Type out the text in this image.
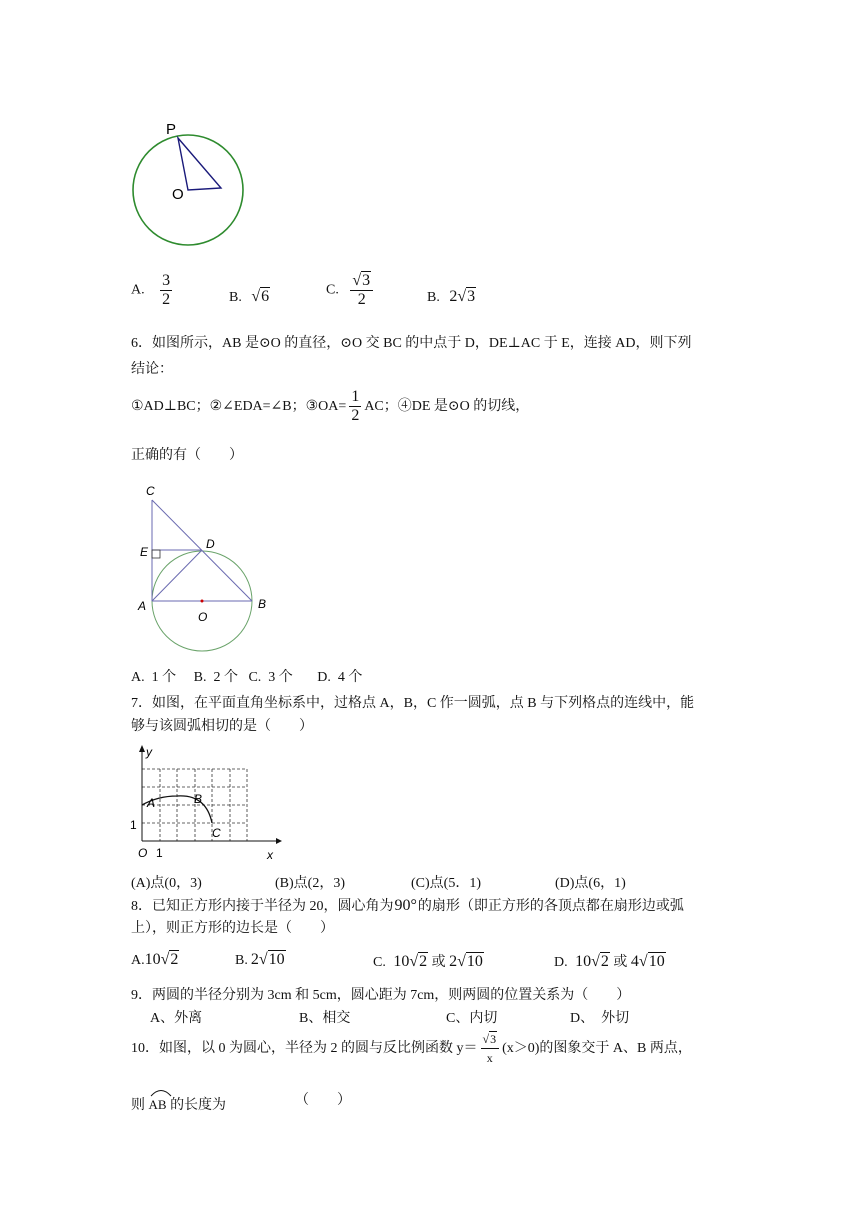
P
O
A. $\frac{3}{2}$	B. √6	C. $\frac{√3}{2}$	B. 2√3
6．如图所示，AB 是⊙O 的直径，⊙O 交 BC 的中点于 D，DE⊥AC 于 E，连接 AD，则下列
结论：
①AD⊥BC；②∠EDA=∠B；③OA= $\frac{1}{2}$ AC；④DE 是⊙O 的切线，
正确的有（　　）
C
E
D
A
O
B
A.  1 个     B.  2 个   C.  3 个       D.  4 个
7．如图，在平面直角坐标系中，过格点 A，B，C 作一圆弧，点 B 与下列格点的连线中，能
够与该圆弧相切的是（　　）
y
x
O 1
1
A	B
C
(A)点(0，3)	(B)点(2，3)	(C)点(5．1)	(D)点(6，1)
8．已知正方形内接于半径为 20，圆心角为90°的扇形（即正方形的各顶点都在扇形边或弧
上），则正方形的边长是（　　）
A.10√2	B. 2√10	C. 10√2 或 2√10	D. 10√2 或 4√10
9．两圆的半径分别为 3cm 和 5cm，圆心距为 7cm，则两圆的位置关系为（　　）
A、外离	B、相交	C、内切	D、  外切
10．如图，以 0 为圆心，半径为 2 的圆与反比例函数 $y= \frac{√3}{x} (x>0)$的图象交于 A、B 两点，
则 AB 的长度为	（　　）
